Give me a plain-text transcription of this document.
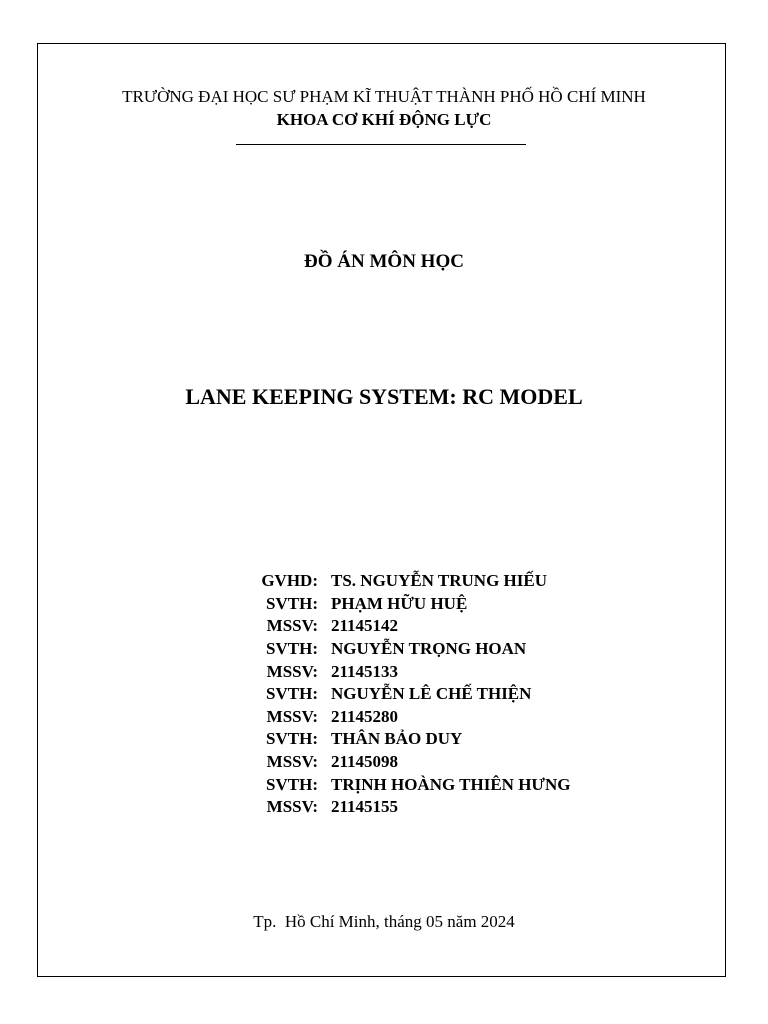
TRƯỜNG ĐẠI HỌC SƯ PHẠM KĨ THUẬT THÀNH PHỐ HỒ CHÍ MINH
KHOA CƠ KHÍ ĐỘNG LỰC
ĐỒ ÁN MÔN HỌC
LANE KEEPING SYSTEM: RC MODEL
GVHD: TS. NGUYỄN TRUNG HIẾU
SVTH: PHẠM HỮU HUỆ
MSSV: 21145142
SVTH: NGUYỄN TRỌNG HOAN
MSSV: 21145133
SVTH: NGUYỄN LÊ CHẾ THIỆN
MSSV: 21145280
SVTH: THÂN BẢO DUY
MSSV: 21145098
SVTH: TRỊNH HOÀNG THIÊN HƯNG
MSSV: 21145155
Tp.  Hồ Chí Minh, tháng 05 năm 2024
